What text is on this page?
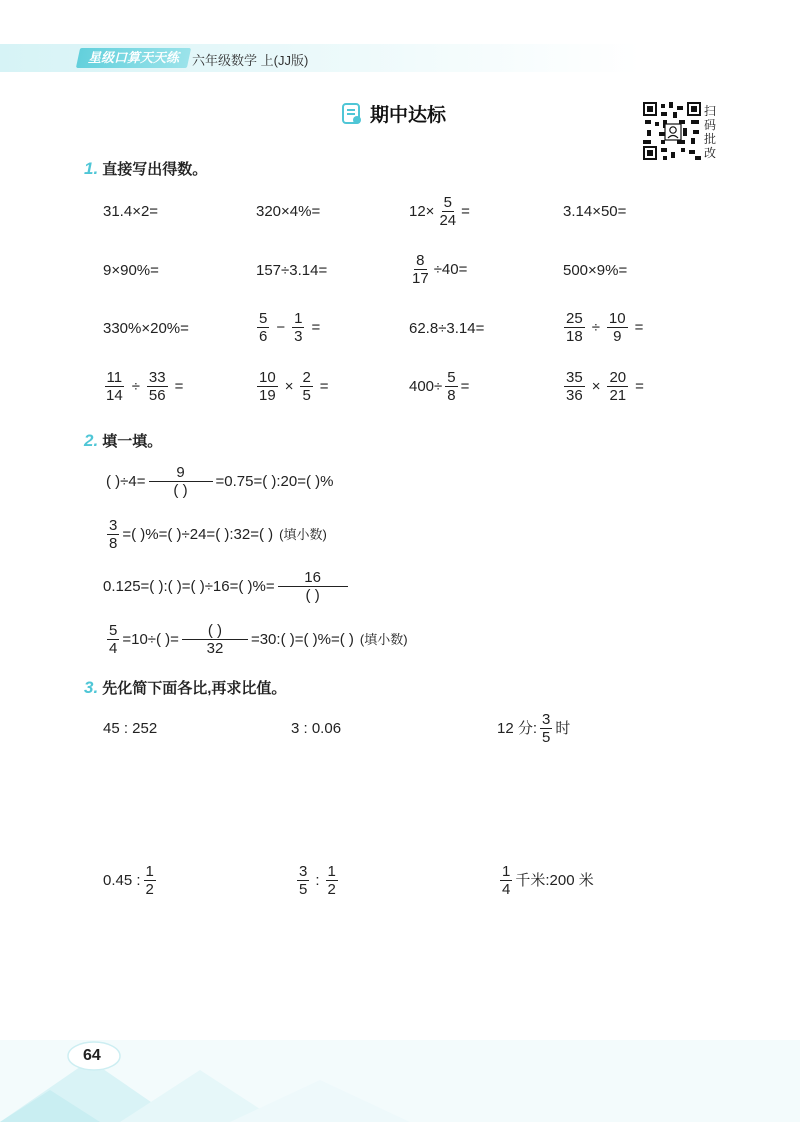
星级口算天天练 六年级数学 上(JJ版)
期中达标	扫
码
批
改
1. 直接写出得数。
31.4×2=	320×4%=	$12\times \frac{5}{24}$ =	3.14×50=
9×90%=	157÷3.14=	$\frac{8}{17} \div 40=$	500×9%=
330%×20%=	$\frac{5}{6} - \frac{1}{3}$ =	62.8÷3.14=	$\frac{25}{18} \div \frac{10}{9}$ =
$\frac{11}{14} \div \frac{33}{56}$ =	$\frac{10}{19} \times \frac{2}{5}$ =	$400\div \frac{5}{8}$ =	$\frac{35}{36} \times \frac{20}{21}$ =
2. 填一填。
( )$\div 4= \frac{9}{( )} =0.75=$( ):20=( )%
$\frac{3}{8}$ =( )%=( )÷24=( ):32=( ) (填小数)
0.125=( ):( )=( )÷16=( )%= $\frac{16}{( )}$
$\frac{5}{4} =10\div$( )= $\frac{( )}{32}$ =30:( )=( )%=( ) (填小数)
3. 先化简下面各比,再求比值。
45 : 252	3 : 0.06	12 分: $\frac{3}{5}$ 时
0.45 : $\frac{1}{2}$	$\frac{3}{5}$ : $\frac{1}{2}$	$\frac{1}{4}$ 千米:200 米
64
